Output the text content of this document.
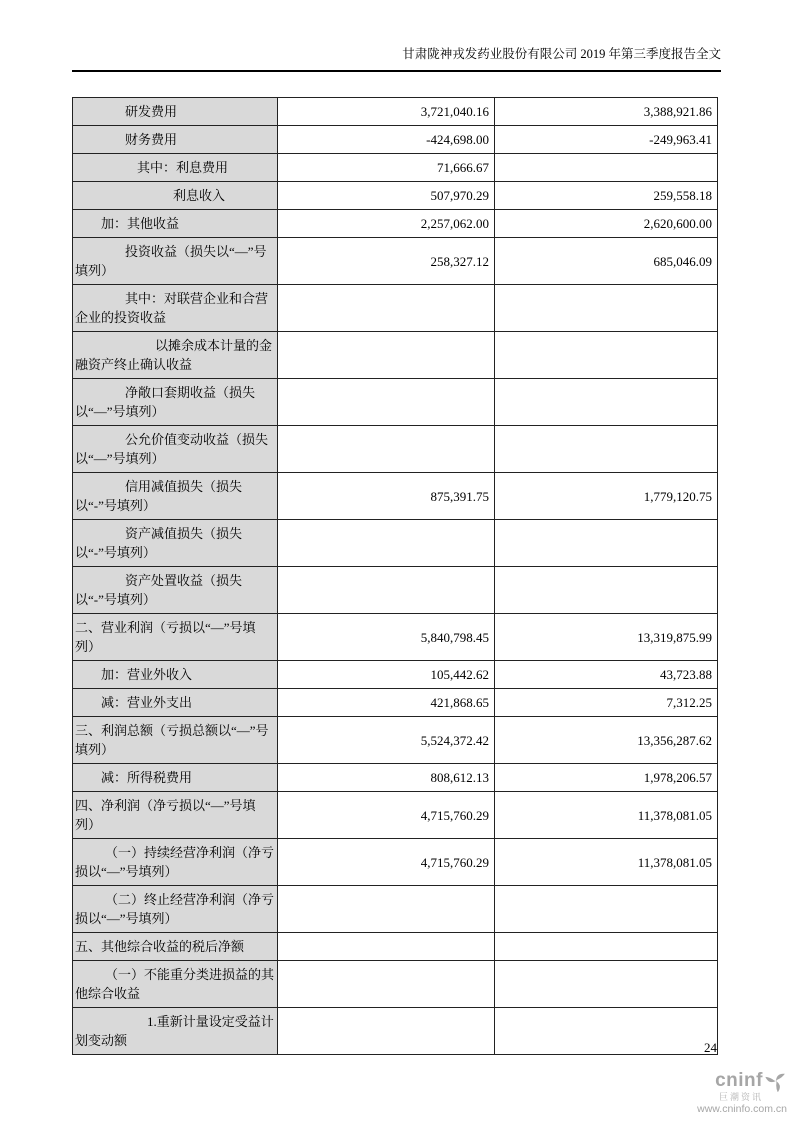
甘肃陇神戎发药业股份有限公司 2019 年第三季度报告全文
研发费用	3,721,040.16	3,388,921.86

财务费用	-424,698.00	-249,963.41

其中：利息费用	71,666.67	

利息收入	507,970.29	259,558.18

加：其他收益	2,257,062.00	2,620,600.00

投资收益（损失以“—”号填列）	258,327.12	685,046.09

其中：对联营企业和合营企业的投资收益		

以摊余成本计量的金融资产终止确认收益		

净敞口套期收益（损失以“—”号填列）		

公允价值变动收益（损失以“—”号填列）		

信用减值损失（损失以“-”号填列）	875,391.75	1,779,120.75

资产减值损失（损失以“-”号填列）		

资产处置收益（损失以“-”号填列）		

二、营业利润（亏损以“—”号填列）	5,840,798.45	13,319,875.99

加：营业外收入	105,442.62	43,723.88

减：营业外支出	421,868.65	7,312.25

三、利润总额（亏损总额以“—”号填列）	5,524,372.42	13,356,287.62

减：所得税费用	808,612.13	1,978,206.57

四、净利润（净亏损以“—”号填列）	4,715,760.29	11,378,081.05

（一）持续经营净利润（净亏损以“—”号填列）	4,715,760.29	11,378,081.05

（二）终止经营净利润（净亏损以“—”号填列）		

五、其他综合收益的税后净额		

（一）不能重分类进损益的其他综合收益		

1.重新计量设定受益计划变动额		
			24
cninf
巨潮资讯
www.cninfo.com.cn
